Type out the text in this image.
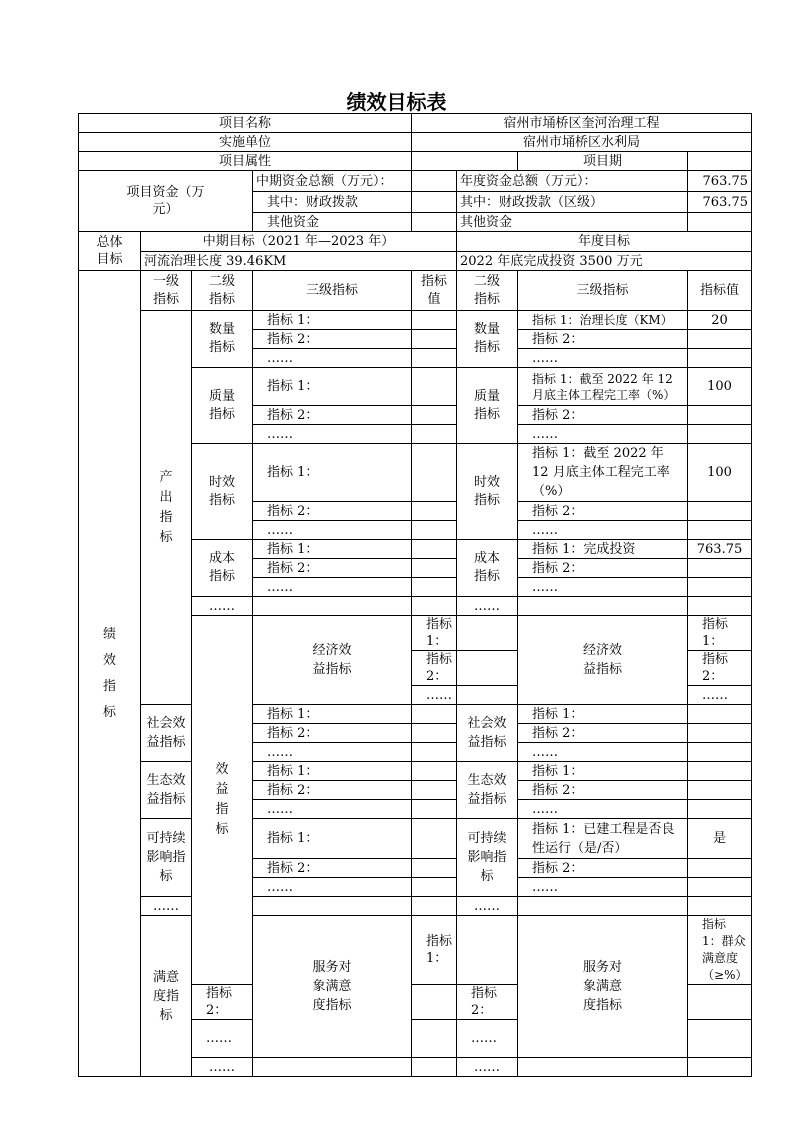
绩效目标表
项目名称				宿州市埇桥区奎河治理工程				
实施单位				宿州市埇桥区水利局				
项目属性						项目期		
项目资金（万元）			中期资金总额（万元）：		年度资金总额（万元）：		763.75	
			其中：财政拨款		其中：财政拨款（区级）		763.75	
			其他资金		其他资金			
总体目标	中期目标（2021 年—2023 年）				年度目标			
	河流治理长度 39.46KM				2022 年底完成投资 3500 万元			
绩效指标	一级指标	二级指标	三级指标	指标值	二级指标	三级指标	指标值	
	产出指标	数量指标	指标 1：		数量指标	指标 1：治理长度（KM）	20	
			指标 2：			指标 2：		
			……			……		
		质量指标	指标 1：		质量指标	指标 1：截至 2022 年 12 月底主体工程完工率（%）	100	
			指标 2：			指标 2：		
			……			……		
		时效指标	指标 1：		时效指标	指标 1：截至 2022 年 12 月底主体工程完工率（%）	100	
			指标 2：			指标 2：		
			……			……		
		成本指标	指标 1：		成本指标	指标 1：完成投资	763.75	
			指标 2：			指标 2：		
			……			……		
		……			……			
		效益指标	经济效益指标	指标 1：		经济效益指标	指标 1：	
				指标 2：			指标 2：	
				……			……	
	社会效益指标		指标 1：		社会效益指标	指标 1：		
			指标 2：			指标 2：		
			……			……		
	生态效益指标		指标 1：		生态效益指标	指标 1：		
			指标 2：			指标 2：		
			……			……		
	可持续影响指标		指标 1：		可持续影响指标	指标 1：已建工程是否良性运行（是/否）	是	
			指标 2：			指标 2：		
			……			……		
	……				……			
	满意度指标		服务对象满意度指标	指标 1：		服务对象满意度指标	指标 1：群众满意度（≥%）	
		指标 2：			指标 2：			
		……			……			
		……			……			
